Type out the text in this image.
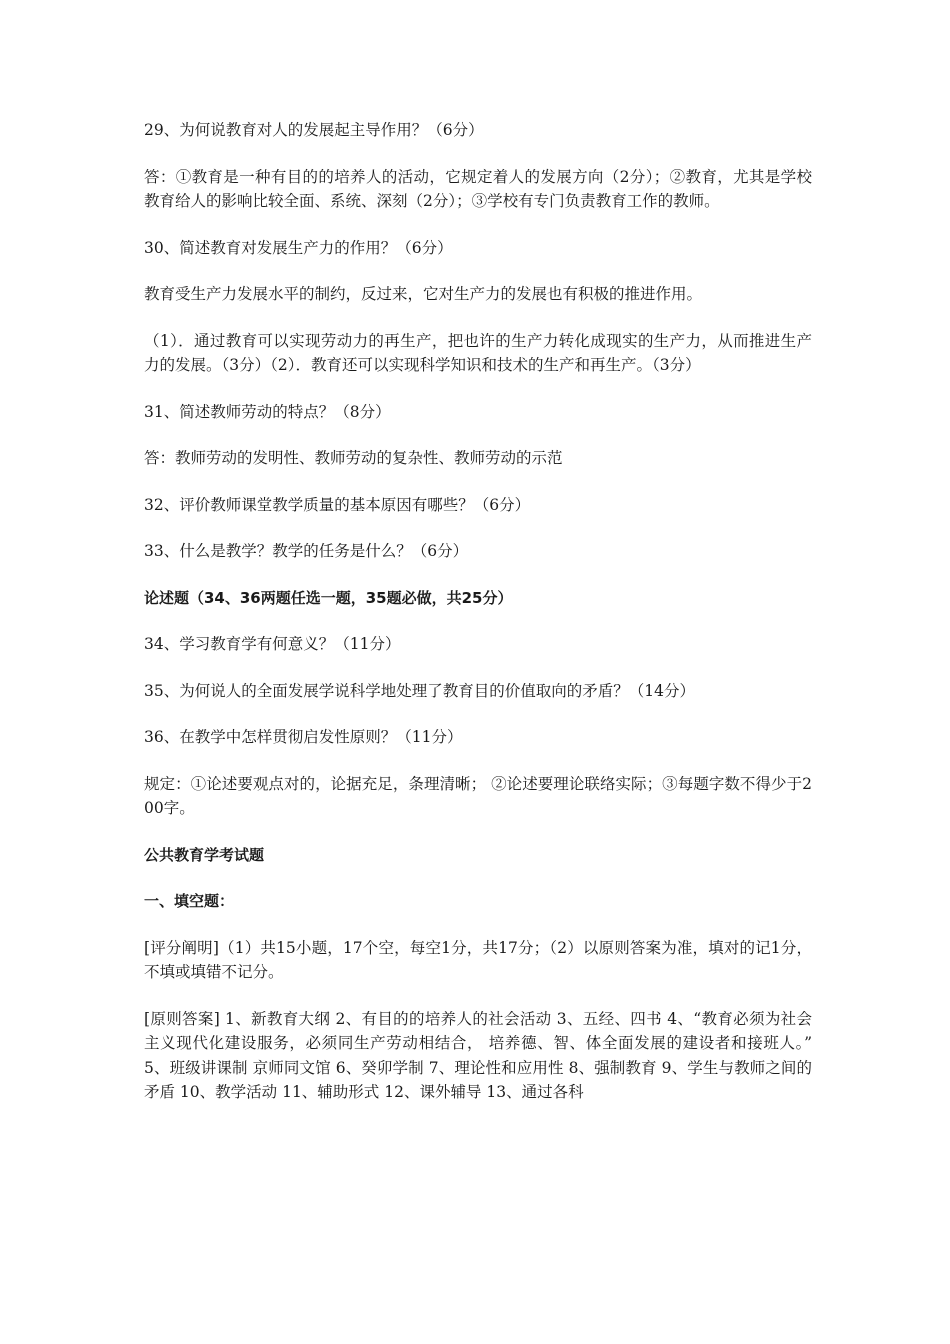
29、为何说教育对人的发展起主导作用？（6分）

答：①教育是一种有目的的培养人的活动，它规定着人的发展方向（2分）；②教育，尤其是学校教育给人的影响比较全面、系统、深刻（2分）；③学校有专门负责教育工作的教师。

30、简述教育对发展生产力的作用？（6分）

教育受生产力发展水平的制约，反过来，它对生产力的发展也有积极的推进作用。

（1）．通过教育可以实现劳动力的再生产，把也许的生产力转化成现实的生产力，从而推进生产力的发展。（3分）（2）．教育还可以实现科学知识和技术的生产和再生产。（3分）

31、简述教师劳动的特点？（8分）

答：教师劳动的发明性、教师劳动的复杂性、教师劳动的示范

32、评价教师课堂教学质量的基本原因有哪些？（6分）

33、什么是教学？教学的任务是什么？（6分）

论述题（34、36两题任选一题，35题必做，共25分）

34、学习教育学有何意义？（11分）

35、为何说人的全面发展学说科学地处理了教育目的价值取向的矛盾？（14分）

36、在教学中怎样贯彻启发性原则？（11分）

规定：①论述要观点对的，论据充足，条理清晰； ②论述要理论联络实际；③每题字数不得少于200字。

公共教育学考试题

一、填空题：

[评分阐明]（1）共15小题，17个空，每空1分，共17分；（2）以原则答案为准，填对的记1分，不填或填错不记分。

[原则答案] 1、新教育大纲 2、有目的的培养人的社会活动 3、五经、四书 4、“教育必须为社会主义现代化建设服务，必须同生产劳动相结合， 培养德、智、体全面发展的建设者和接班人。” 5、班级讲课制 京师同文馆 6、癸卯学制 7、理论性和应用性 8、强制教育 9、学生与教师之间的矛盾 10、教学活动 11、辅助形式 12、课外辅导 13、通过各科
